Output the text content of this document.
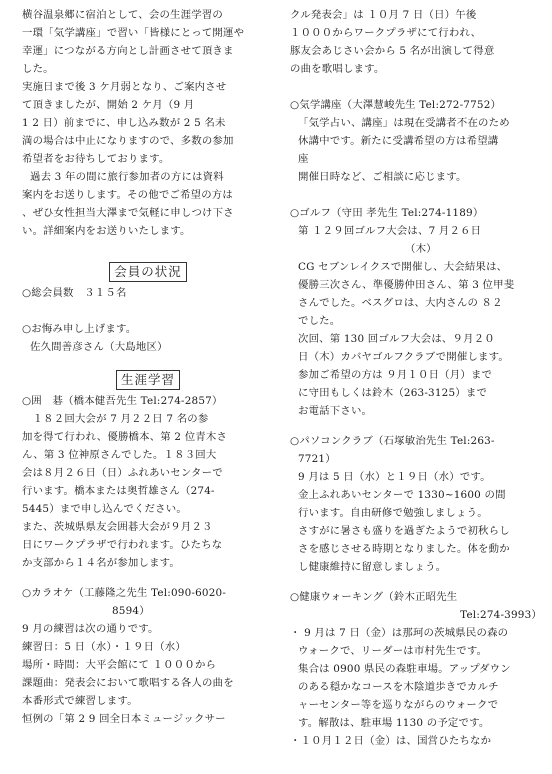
横谷温泉郷に宿泊として、会の生涯学習の

一環「気学講座」で習い「皆様にとって開運や

幸運」につながる方向とし計画させて頂きま

した。

実施日まで後 3 ケ月弱となり、ご案内させ

て頂きましたが、開始 2 ケ月（9 月

1 2 日）前までに、申し込み数が 2 5 名未

満の場合は中止になりますので、多数の参加

希望者をお待ちしております。

過去 3 年の間に旅行参加者の方には資料

案内をお送りします。その他でご希望の方は

、ぜひ女性担当大澤まで気軽に申しつけ下さ

い。詳細案内をお送りいたします。

会員の状況

○総会員数　３１５名

○お悔み申し上げます。

佐久間善彦さん（大島地区）

生涯学習

○囲　碁（橋本健吾先生 Tel:274-2857）

　１８２回大会が 7 月２２日 7 名の参

加を得て行われ、優勝橋本、第 2 位青木さ

ん、第 3 位神原さんでした。１８３回大

会は８月２６日（日）ふれあいセンターで

行います。橋本または奥哲雄さん（274-

5445）まで申し込んでください。

また、茨城県県友会囲碁大会が９月２３

日にワークプラザで行われます。ひたちな

か支部から１４名が参加します。

○カラオケ（工藤隆之先生 Tel:090-6020-

8594）

9 月の練習は次の通りです。

練習日：5 日（水）・１９日（水）

場所・時間：大平会館にて １０００から

課題曲：発表会において歌唱する各人の曲を

本番形式で練習します。

恒例の「第 2 9 回全日本ミュージックサー

クル発表会」は １０月 7 日（日）午後

１０００からワークプラザにて行われ、

豚友会あじさい会から 5 名が出演して得意

の曲を歌唱します。

○気学講座（大澤慧峻先生 Tel:272-7752）

「気学占い、講座」は現在受講者不在のため

休講中です。新たに受講希望の方は希望講

座

開催日時など、ご相談に応じます。

○ゴルフ（守田 孝先生 Tel:274-1189）

第 １２９回ゴルフ大会は、7 月２６日

（木）

CG セブンレイクスで開催し、大会結果は、

優勝三次さん、準優勝仲田さん、第 3 位甲斐

さんでした。ベスグロは、大内さんの ８２

でした。

次回、第 130 回ゴルフ大会は、９月２０

日（木）カバヤゴルフクラブで開催します。

参加ご希望の方は ９月１０日（月）まで

に守田もしくは鈴木（263-3125）まで

お電話下さい。

○パソコンクラブ（石塚敏治先生 Tel:263-

7721）

9 月は 5 日（水）と１９日（水）です。

金上ふれあいセンターで 1330~1600 の間

行います。自由研修で勉強しましょう。

さすがに暑さも盛りを過ぎたようで初秋らし

さを感じさせる時期となりました。体を動か

し健康維持に留意しましょう。

○健康ウォーキング（鈴木正昭先生

Tel:274-3993）

・ 9 月は 7 日（金）は那珂の茨城県民の森の

ウォークで、リーダーは市村先生です。

集合は 0900 県民の森駐車場。アップダウン

のある穏かなコースを木陰道歩きでカルチ

ャーセンター等を巡りながらのウォークで

す。解散は、駐車場 1130 の予定です。

・１０月１２日（金）は、国営ひたちなか
